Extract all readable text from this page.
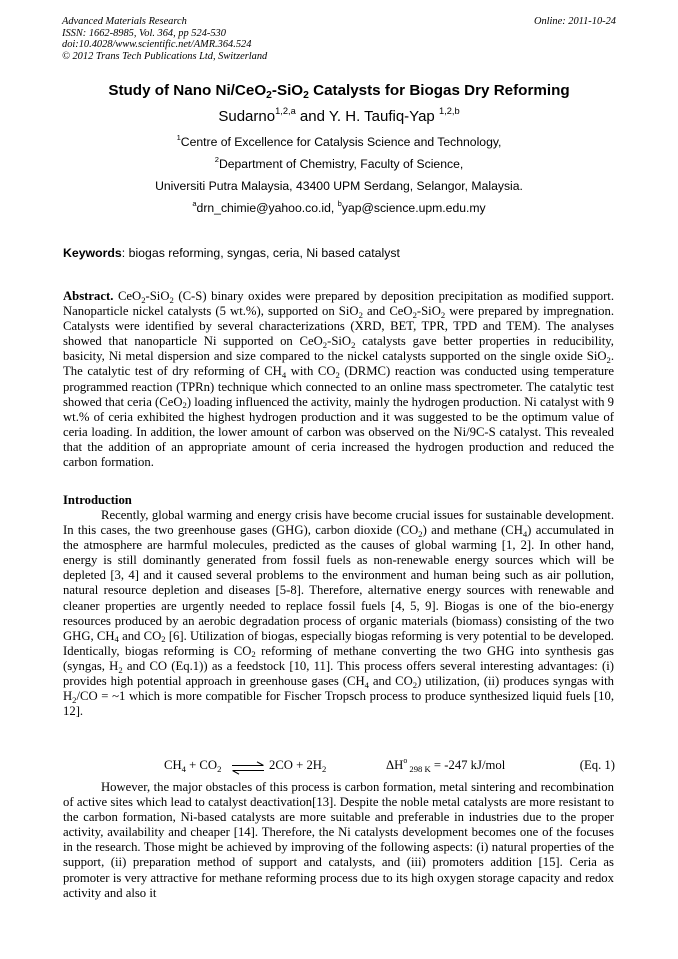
Advanced Materials Research
ISSN: 1662-8985, Vol. 364, pp 524-530
doi:10.4028/www.scientific.net/AMR.364.524
© 2012 Trans Tech Publications Ltd, Switzerland
Online: 2011-10-24
Study of Nano Ni/CeO$_2$-SiO$_2$ Catalysts for Biogas Dry Reforming
Sudarno$^{1,2,a}$ and Y. H. Taufiq-Yap $^{1,2,b}$
$^1$Centre of Excellence for Catalysis Science and Technology,
$^2$Department of Chemistry, Faculty of Science,
Universiti Putra Malaysia, 43400 UPM Serdang, Selangor, Malaysia.
$^a$drn_chimie@yahoo.co.id, $^b$yap@science.upm.edu.my
Keywords: biogas reforming, syngas, ceria, Ni based catalyst
Abstract. CeO$_2$-SiO$_2$ (C-S) binary oxides were prepared by deposition precipitation as modified support. Nanoparticle nickel catalysts (5 wt.%), supported on SiO$_2$ and CeO$_2$-SiO$_2$ were prepared by impregnation. Catalysts were identified by several characterizations (XRD, BET, TPR, TPD and TEM). The analyses showed that nanoparticle Ni supported on CeO$_2$-SiO$_2$ catalysts gave better properties in reducibility, basicity, Ni metal dispersion and size compared to the nickel catalysts supported on the single oxide SiO$_2$. The catalytic test of dry reforming of $CH_4$ with $CO_2$ (DRMC) reaction was conducted using temperature programmed reaction (TPRn) technique which connected to an online mass spectrometer. The catalytic test showed that ceria (CeO$_2$) loading influenced the activity, mainly the hydrogen production. Ni catalyst with 9 wt.% of ceria exhibited the highest hydrogen production and it was suggested to be the optimum value of ceria loading. In addition, the lower amount of carbon was observed on the Ni/9C-S catalyst. This revealed that the addition of an appropriate amount of ceria increased the hydrogen production and reduced the carbon formation.
Introduction
Recently, global warming and energy crisis have become crucial issues for sustainable development. In this cases, the two greenhouse gases (GHG), carbon dioxide $(CO_2)$ and methane $(CH_4)$ accumulated in the atmosphere are harmful molecules, predicted as the causes of global warming [1, 2]. In other hand, energy is still dominantly generated from fossil fuels as non-renewable energy sources which will be depleted [3, 4] and it caused several problems to the environment and human being such as air pollution, natural resource depletion and diseases [5-8]. Therefore, alternative energy sources with renewable and cleaner properties are urgently needed to replace fossil fuels [4, 5, 9]. Biogas is one of the bio-energy resources produced by an aerobic degradation process of organic materials (biomass) consisting of the two GHG, $CH_4$ and $CO_2$ [6]. Utilization of biogas, especially biogas reforming is very potential to be developed. Identically, biogas reforming is $CO_2$ reforming of methane converting the two GHG into synthesis gas (syngas, $H_2$ and CO (Eq.1)) as a feedstock [10, 11]. This process offers several interesting advantages: (i) provides high potential approach in greenhouse gases ($CH_4$ and $CO_2$) utilization, (ii) produces syngas with $H_2/CO$ = ~1 which is more compatible for Fischer Tropsch process to produce synthesized liquid fuels [10, 12].
$CH_4 + CO_2$ ⇌ $2CO + 2H_2$	$\Delta H^o$ $_{298 K}$ = -247 kJ/mol	(Eq. 1)
However, the major obstacles of this process is carbon formation, metal sintering and recombination of active sites which lead to catalyst deactivation[13]. Despite the noble metal catalysts are more resistant to the carbon formation, Ni-based catalysts are more suitable and preferable in industries due to the proper activity, availability and cheaper [14]. Therefore, the Ni catalysts development becomes one of the focuses in the research. Those might be achieved by improving of the following aspects: (i) natural properties of the support, (ii) preparation method of support and catalysts, and (iii) promoters addition [15]. Ceria as promoter is very attractive for methane reforming process due to its high oxygen storage capacity and redox activity and also it
